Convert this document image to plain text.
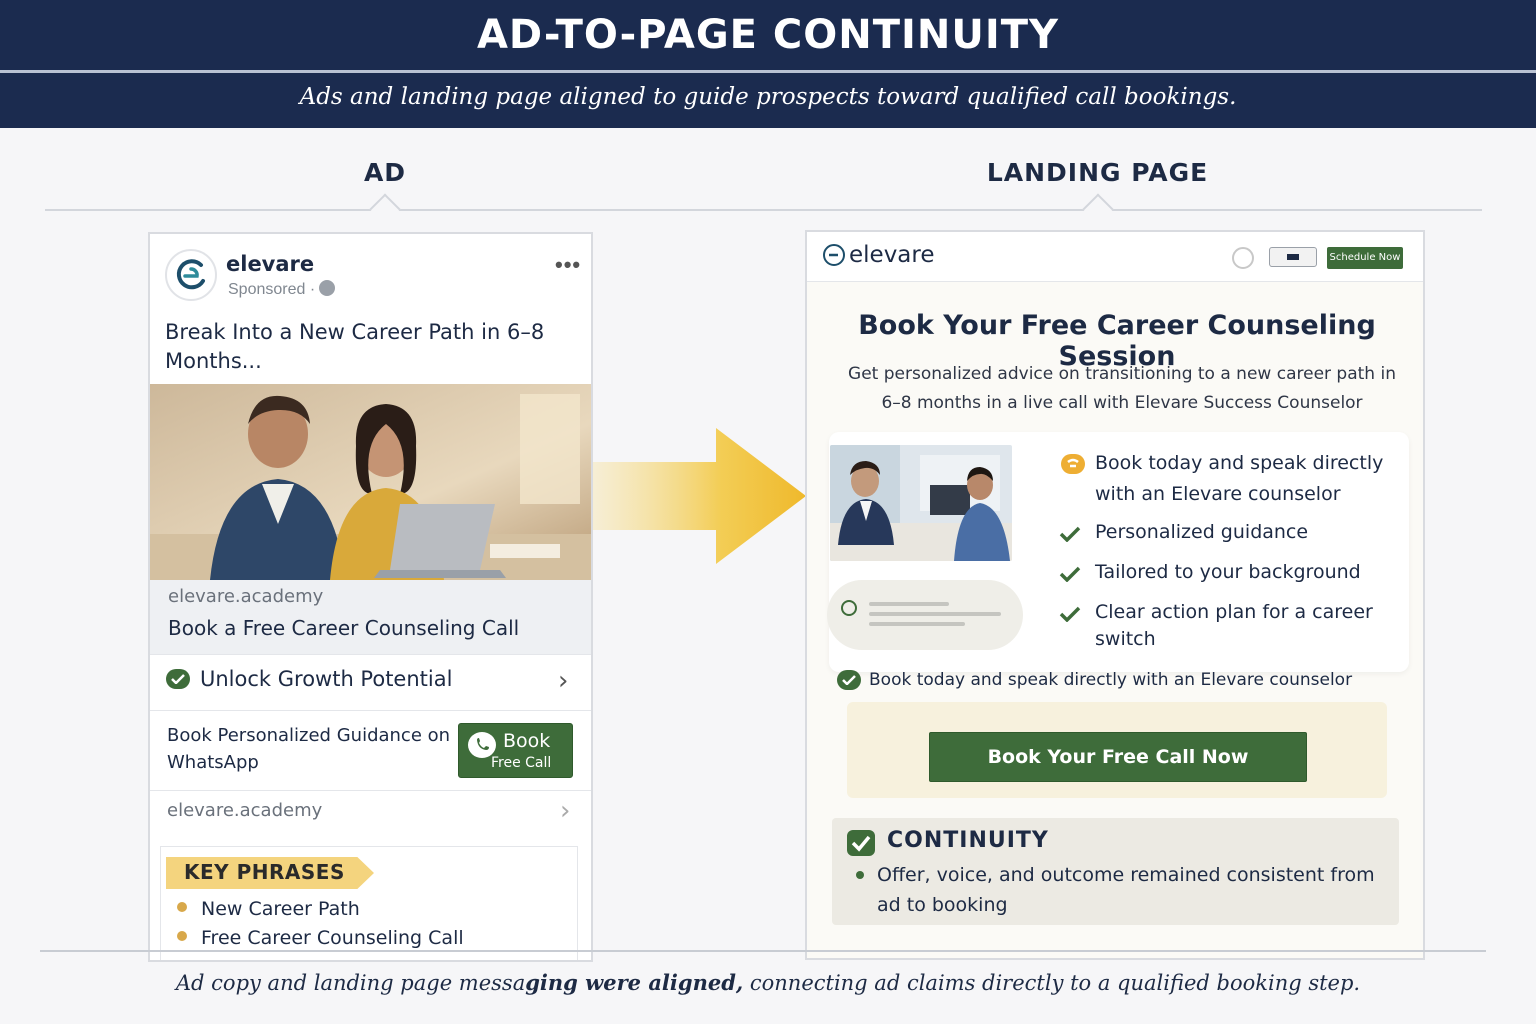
AD-TO-PAGE CONTINUITY
Ads and landing page aligned to guide prospects toward qualified call bookings.
AD	LANDING PAGE
elevare
Sponsored ·
•••
Break Into a New Career Path in 6–8 Months...
elevare.academy
Book a Free Career Counseling Call
Unlock Growth Potential	›
Book Personalized Guidance on WhatsApp
Book
Free Call
elevare.academy	›
KEY PHRASES
New Career Path
Free Career Counseling Call
elevare	Schedule Now
Book Your Free Career Counseling Session
Get personalized advice on transitioning to a new career path in 6–8 months in a live call with Elevare Success Counselor
Book today and speak directly with an Elevare counselor
Personalized guidance
Tailored to your background
Clear action plan for a career switch
Book today and speak directly with an Elevare counselor
Book Your Free Call Now
CONTINUITY
Offer, voice, and outcome remained consistent from ad to booking
Ad copy and landing page messaging were aligned, connecting ad claims directly to a qualified booking step.
